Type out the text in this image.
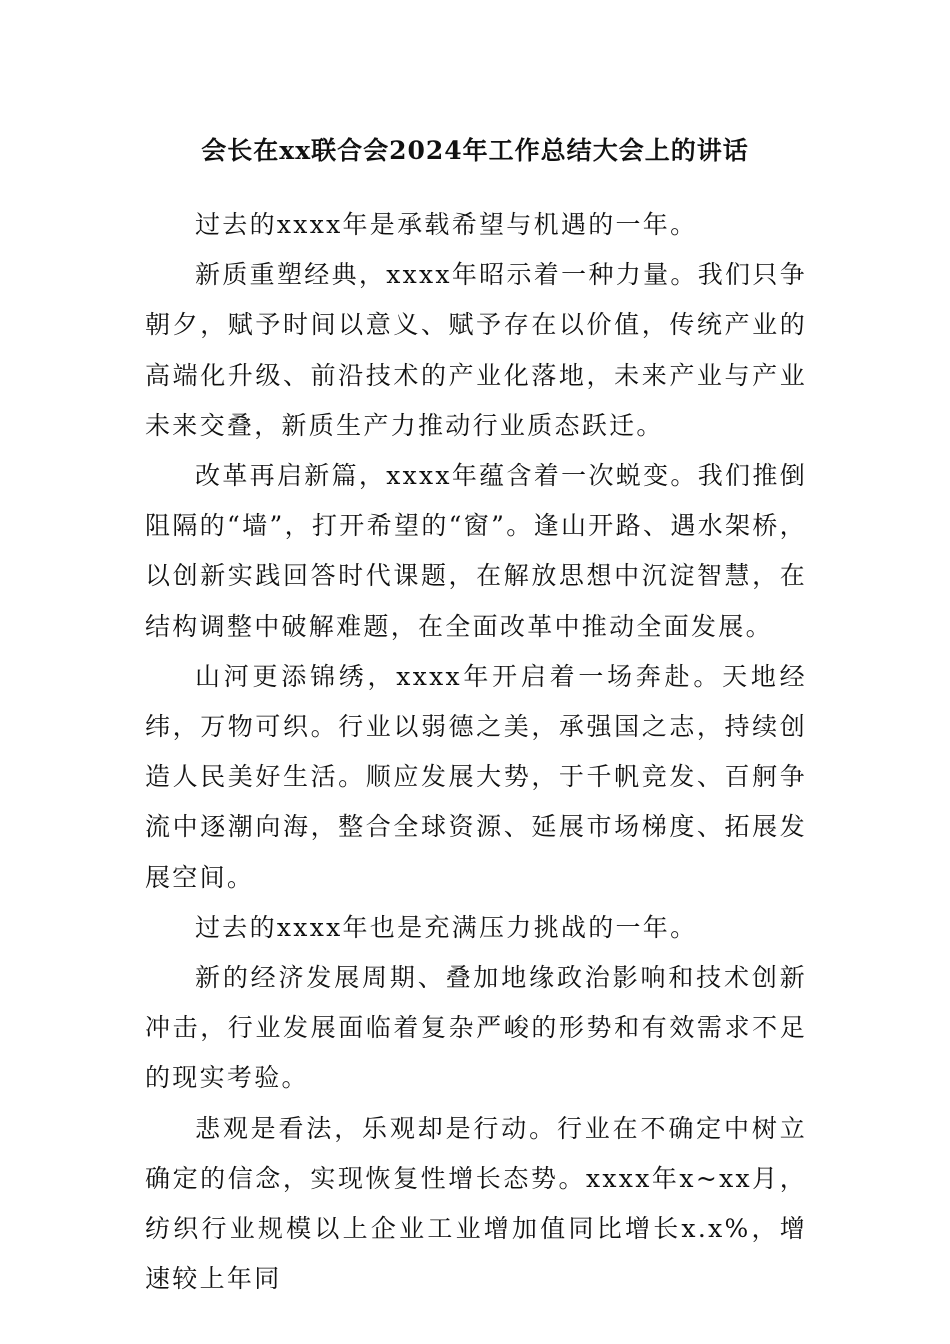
会长在xx联合会2024年工作总结大会上的讲话

过去的xxxx年是承载希望与机遇的一年。

新质重塑经典，xxxx年昭示着一种力量。我们只争朝夕，赋予时间以意义、赋予存在以价值，传统产业的高端化升级、前沿技术的产业化落地，未来产业与产业未来交叠，新质生产力推动行业质态跃迁。

改革再启新篇，xxxx年蕴含着一次蜕变。我们推倒阻隔的“墙”，打开希望的“窗”。逢山开路、遇水架桥，以创新实践回答时代课题，在解放思想中沉淀智慧，在结构调整中破解难题，在全面改革中推动全面发展。

山河更添锦绣，xxxx年开启着一场奔赴。天地经纬，万物可织。行业以弱德之美，承强国之志，持续创造人民美好生活。顺应发展大势，于千帆竞发、百舸争流中逐潮向海，整合全球资源、延展市场梯度、拓展发展空间。

过去的xxxx年也是充满压力挑战的一年。

新的经济发展周期、叠加地缘政治影响和技术创新冲击，行业发展面临着复杂严峻的形势和有效需求不足的现实考验。

悲观是看法，乐观却是行动。行业在不确定中树立确定的信念，实现恢复性增长态势。xxxx年x~xx月，纺织行业规模以上企业工业增加值同比增长x.x%，增速较上年同
